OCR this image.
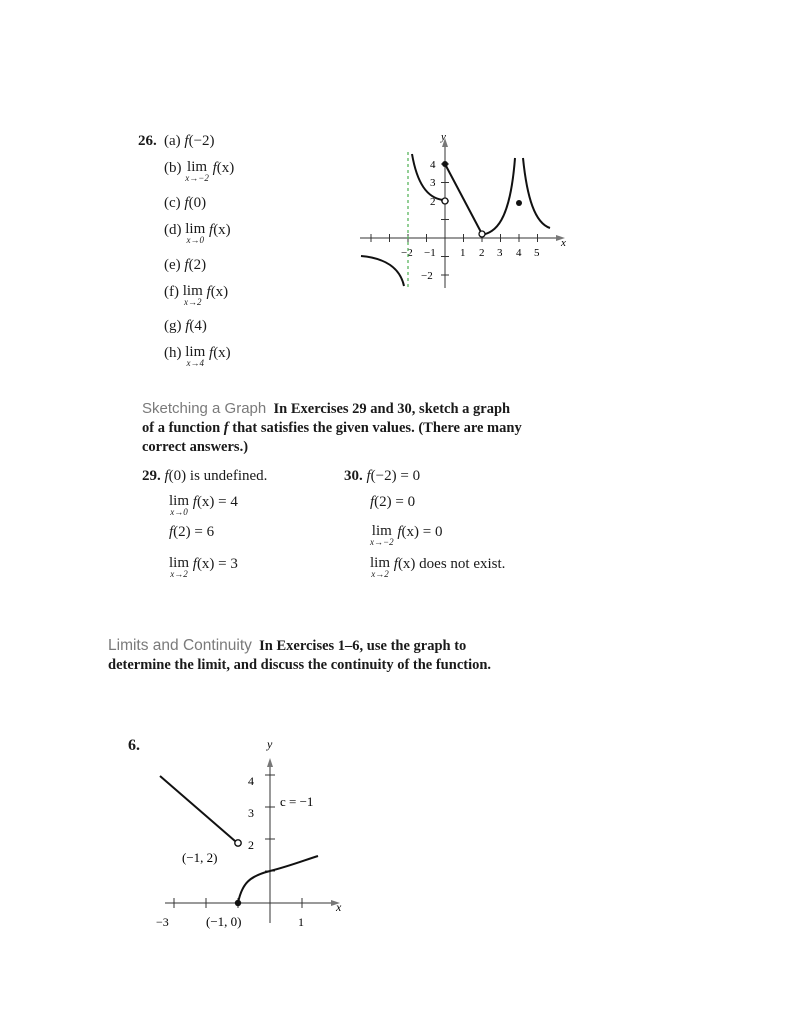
26. (a) f(−2)
(b) lim
x→−2
f(x)
(c) f(0)
(d) lim
x→0
f(x)
(e) f(2)
(f) lim
x→2
f(x)
(g) f(4)
(h) lim
x→4
f(x)
−2 −1 1 2 3 4 5
4
3
2
−2
y
x
Sketching a Graph In Exercises 29 and 30, sketch a graph
of a function f that satisfies the given values. (There are many
correct answers.)
29. f(0) is undefined.
lim
x→0
f(x) = 4
f(2) = 6
lim
x→2
f(x) = 3
30. f(−2) = 0
f(2) = 0
lim
x→−2
f(x) = 0
lim
x→2
f(x) does not exist.
Limits and Continuity In Exercises 1–6, use the graph to
determine the limit, and discuss the continuity of the function.
6.	y
x
4
3
2
−3	1
c = −1
(−1, 2)
(−1, 0)
